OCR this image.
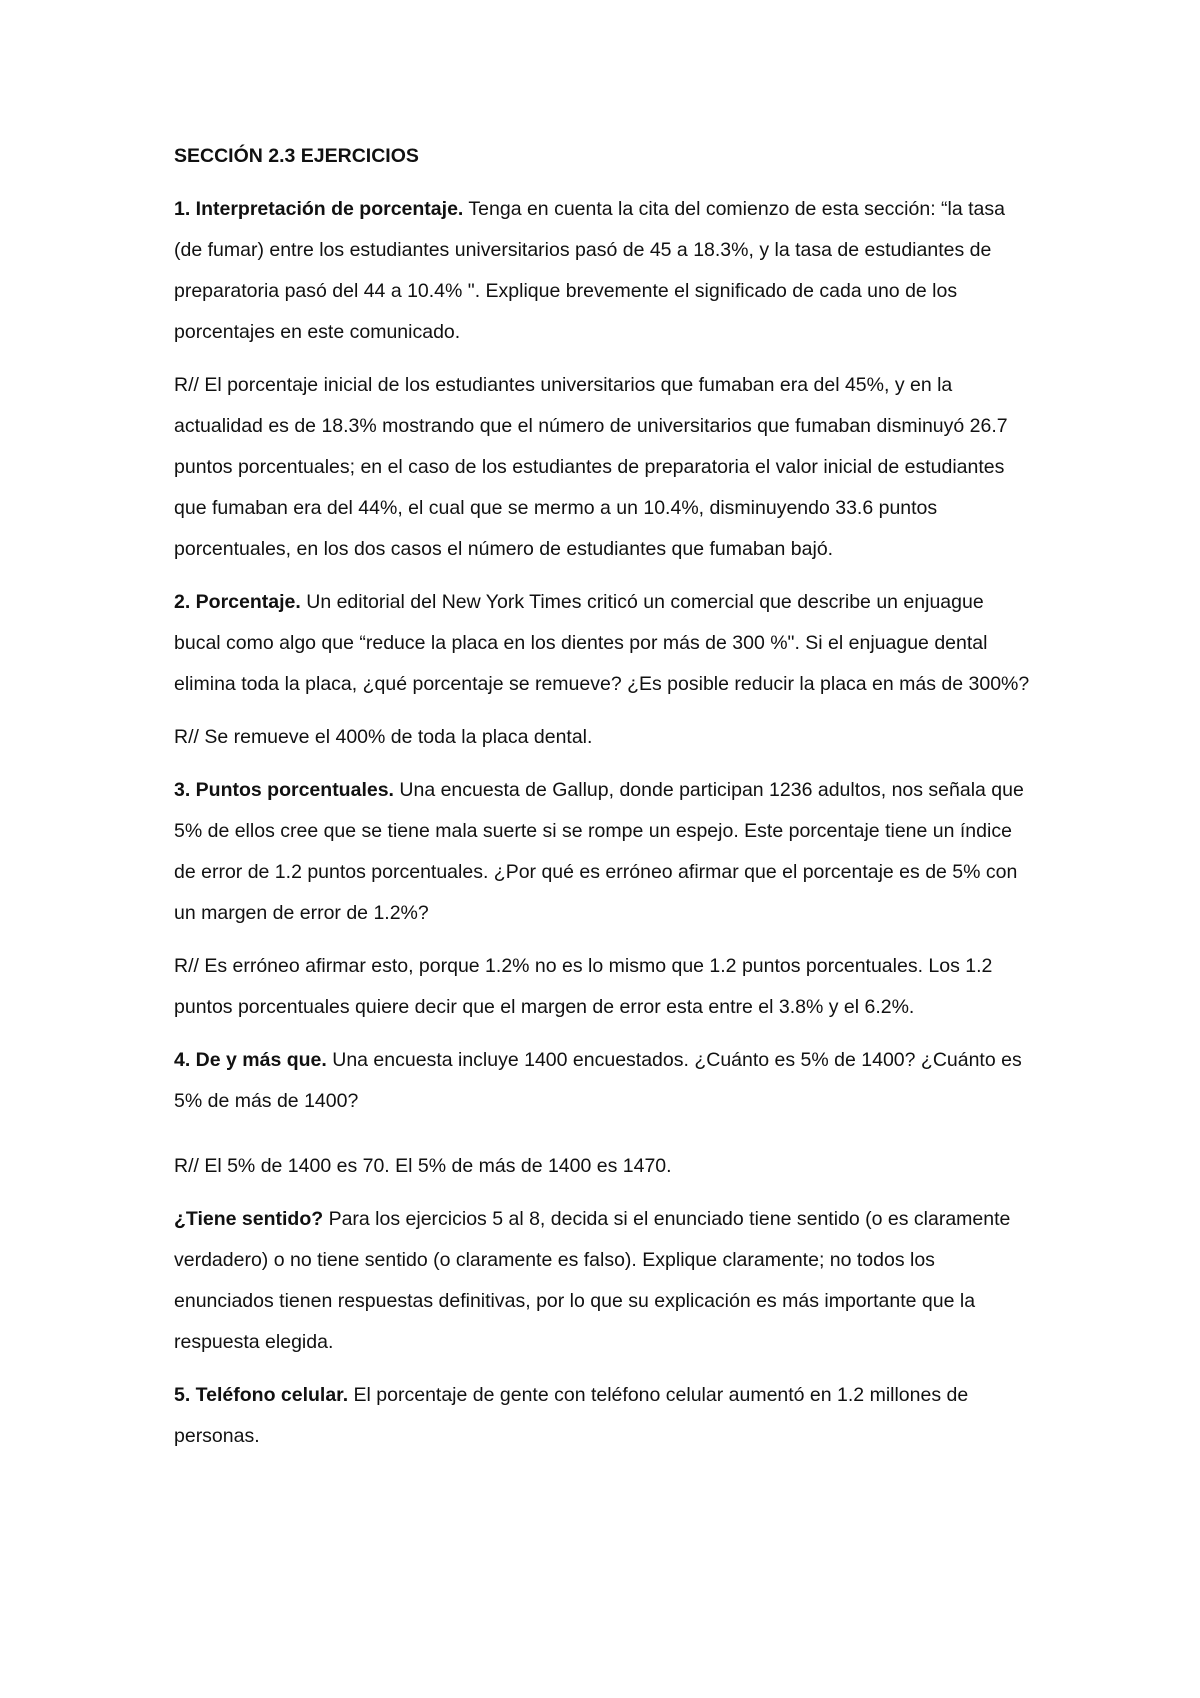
SECCIÓN 2.3 EJERCICIOS

1. Interpretación de porcentaje. Tenga en cuenta la cita del comienzo de esta sección: “la tasa (de fumar) entre los estudiantes universitarios pasó de 45 a 18.3%, y la tasa de estudiantes de preparatoria pasó del 44 a 10.4% ". Explique brevemente el significado de cada uno de los porcentajes en este comunicado.

R// El porcentaje inicial de los estudiantes universitarios que fumaban era del 45%, y en la actualidad es de 18.3% mostrando que el número de universitarios que fumaban disminuyó 26.7 puntos porcentuales; en el caso de los estudiantes de preparatoria el valor inicial de estudiantes que fumaban era del 44%, el cual que se mermo a un 10.4%, disminuyendo 33.6 puntos porcentuales, en los dos casos el número de estudiantes que fumaban bajó.

2. Porcentaje. Un editorial del New York Times criticó un comercial que describe un enjuague bucal como algo que “reduce la placa en los dientes por más de 300 %". Si el enjuague dental elimina toda la placa, ¿qué porcentaje se remueve? ¿Es posible reducir la placa en más de 300%?

R// Se remueve el 400% de toda la placa dental.

3. Puntos porcentuales. Una encuesta de Gallup, donde participan 1236 adultos, nos señala que 5% de ellos cree que se tiene mala suerte si se rompe un espejo. Este porcentaje tiene un índice de error de 1.2 puntos porcentuales. ¿Por qué es erróneo afirmar que el porcentaje es de 5% con un margen de error de 1.2%?

R// Es erróneo afirmar esto, porque 1.2% no es lo mismo que 1.2 puntos porcentuales. Los 1.2 puntos porcentuales quiere decir que el margen de error esta entre el 3.8% y el 6.2%.

4. De y más que. Una encuesta incluye 1400 encuestados. ¿Cuánto es 5% de 1400? ¿Cuánto es 5% de más de 1400?

R// El 5% de 1400 es 70. El 5% de más de 1400 es 1470.

¿Tiene sentido? Para los ejercicios 5 al 8, decida si el enunciado tiene sentido (o es claramente verdadero) o no tiene sentido (o claramente es falso). Explique claramente; no todos los enunciados tienen respuestas definitivas, por lo que su explicación es más importante que la respuesta elegida.

5. Teléfono celular. El porcentaje de gente con teléfono celular aumentó en 1.2 millones de personas.
